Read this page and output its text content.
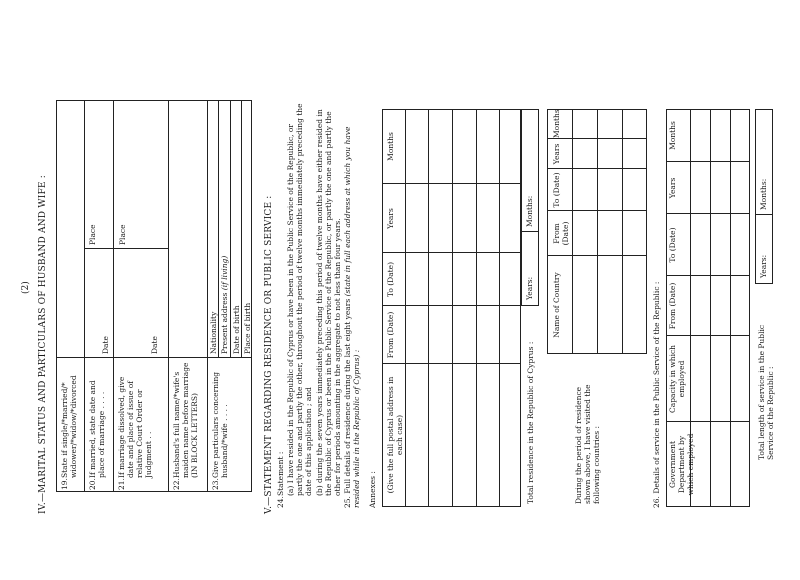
(2) IV.—MARITAL STATUS AND PARTICULARS OF HUSBAND AND WIFE : 19.
State if single/*married/* widower/*widow/*divorced
20.
If married, state date and place of marriage . . . .
Date
Place
21.
If marriage dissolved, give date and place of issue of relative Court Order or Judgment . .
Date
Place
22.
Husband's full name/*wife's maiden name before marriage (IN BLOCK LETTERS)
23.
Give particulars concerning husband/*wife . . . .
Nationality Present address (if living)
Date of birth Place of birth V.—STATEMENT REGARDING RESIDENCE OR PUBLIC SERVICE : 24.
Statement : (a) I have resided in the Republic of Cyprus or have been in the Public Service of the Republic, or partly the one and partly the other, throughout the period of twelve months immediately preceding the date of this application ; and (b) during the seven years immediately preceding this period of twelve months have either resided in the Republic of Cyprus or been in the Public Service of the Republic, or partly the one and partly the other for periods amounting in the aggregate to not less than four years.
25. Full details of residence during the last eight years (state in full each address at which you have resided while in the Republic of Cyprus) : Annexes : (Give the full postal address in each case)
From (Date)
To (Date)
Years
Months
Total residence in the Republic of Cyprus :
Years:
Months:
During the period of residence shown above, I have visited the following countries :
Name of Country
From (Date)
To (Date)
Years
Months
26. Details of service in the Public Service of the Republic : Government Department by which employed
Capacity in which employed
From (Date)
To (Date)
Years
Months
Total length of service in the Public Service of the Republic :
Years:
Months:
